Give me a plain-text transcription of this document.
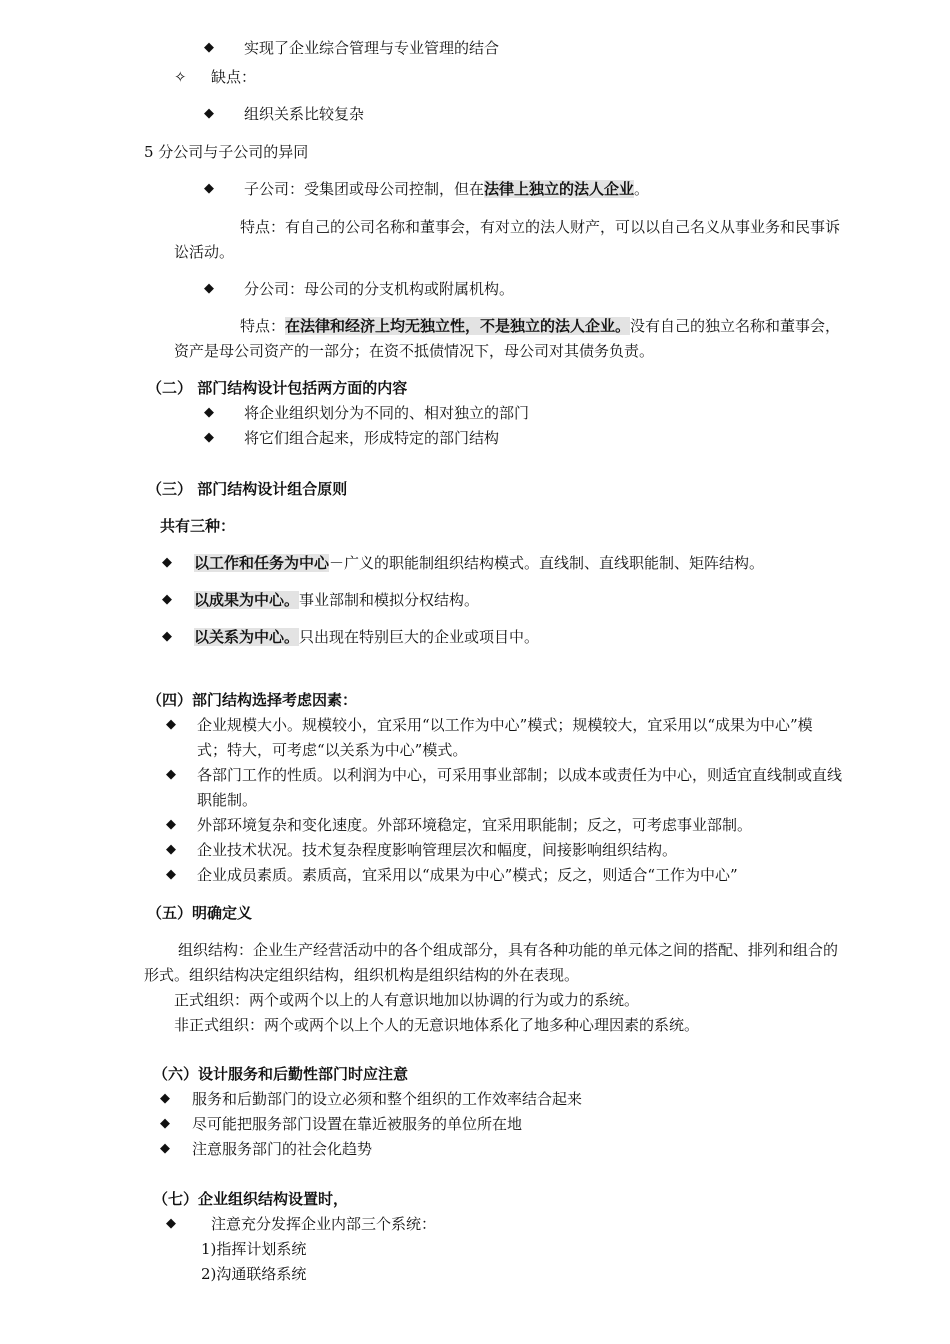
◆ 实现了企业综合管理与专业管理的结合
✧ 缺点：
◆ 组织关系比较复杂
5 分公司与子公司的异同
◆ 子公司：受集团或母公司控制，但在法律上独立的法人企业。
特点：有自己的公司名称和董事会，有对立的法人财产，可以以自己名义从事业务和民事诉
讼活动。
◆ 分公司：母公司的分支机构或附属机构。
特点：在法律和经济上均无独立性，不是独立的法人企业。没有自己的独立名称和董事会，
资产是母公司资产的一部分；在资不抵债情况下，母公司对其债务负责。
（二） 部门结构设计包括两方面的内容
◆ 将企业组织划分为不同的、相对独立的部门
◆ 将它们组合起来，形成特定的部门结构
（三） 部门结构设计组合原则
共有三种：
◆ 以工作和任务为中心－广义的职能制组织结构模式。直线制、直线职能制、矩阵结构。
◆ 以成果为中心。事业部制和模拟分权结构。
◆ 以关系为中心。只出现在特别巨大的企业或项目中。
（四）部门结构选择考虑因素：
◆ 企业规模大小。规模较小，宜采用“以工作为中心”模式；规模较大，宜采用以“成果为中心”模
式；特大，可考虑“以关系为中心”模式。
◆ 各部门工作的性质。以利润为中心，可采用事业部制；以成本或责任为中心，则适宜直线制或直线
职能制。
◆ 外部环境复杂和变化速度。外部环境稳定，宜采用职能制；反之，可考虑事业部制。
◆ 企业技术状况。技术复杂程度影响管理层次和幅度，间接影响组织结构。
◆ 企业成员素质。素质高，宜采用以“成果为中心”模式；反之，则适合“工作为中心”
（五）明确定义
组织结构：企业生产经营活动中的各个组成部分，具有各种功能的单元体之间的搭配、排列和组合的
形式。组织结构决定组织结构，组织机构是组织结构的外在表现。
正式组织：两个或两个以上的人有意识地加以协调的行为或力的系统。
非正式组织：两个或两个以上个人的无意识地体系化了地多种心理因素的系统。
（六）设计服务和后勤性部门时应注意
◆ 服务和后勤部门的设立必须和整个组织的工作效率结合起来
◆ 尽可能把服务部门设置在靠近被服务的单位所在地
◆ 注意服务部门的社会化趋势
（七）企业组织结构设置时，
◆ 注意充分发挥企业内部三个系统：
1)指挥计划系统
2)沟通联络系统
